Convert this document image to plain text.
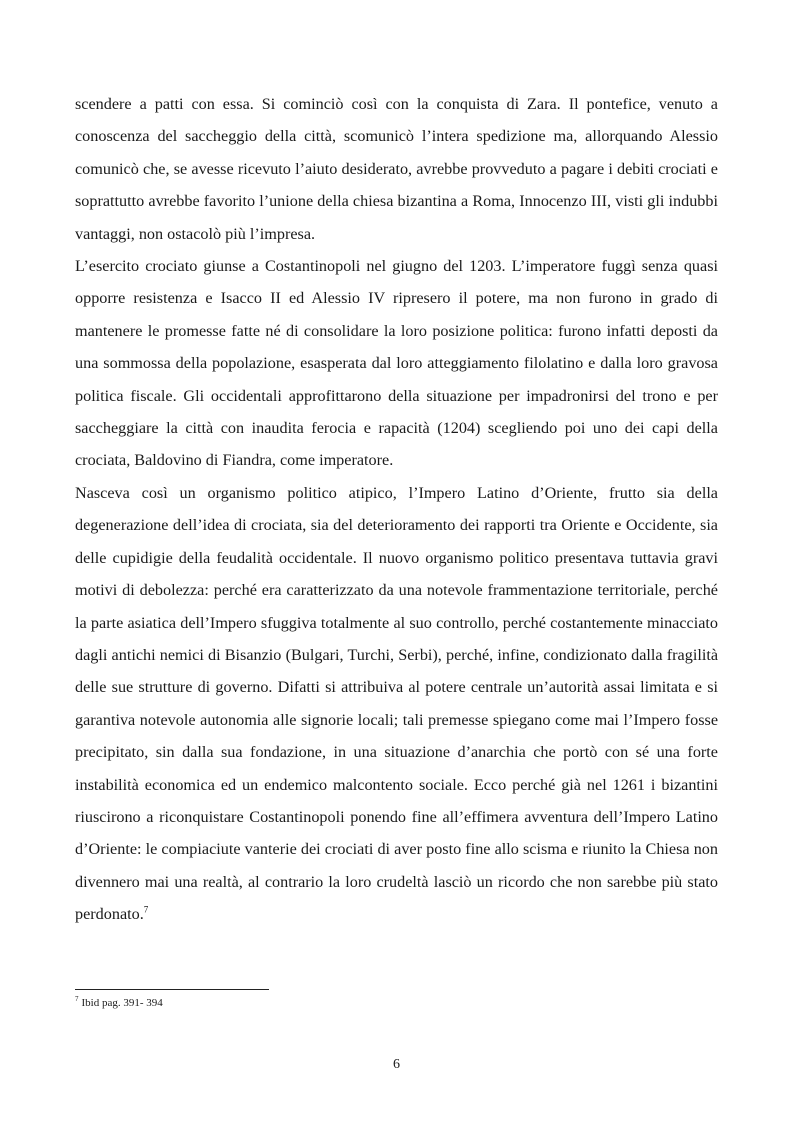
scendere a patti con essa. Si cominciò così con la conquista di Zara. Il pontefice, venuto a conoscenza del saccheggio della città, scomunicò l’intera spedizione ma, allorquando Alessio comunicò che, se avesse ricevuto l’aiuto desiderato, avrebbe provveduto a pagare i debiti crociati e soprattutto avrebbe favorito l’unione della chiesa bizantina a Roma, Innocenzo III, visti gli indubbi vantaggi, non ostacolò più l’impresa.

L’esercito crociato giunse a Costantinopoli nel giugno del 1203. L’imperatore fuggì senza quasi opporre resistenza e Isacco II ed Alessio IV ripresero il potere, ma non furono in grado di mantenere le promesse fatte né di consolidare la loro posizione politica: furono infatti deposti da una sommossa della popolazione, esasperata dal loro atteggiamento filolatino e dalla loro gravosa politica fiscale. Gli occidentali approfittarono della situazione per impadronirsi del trono e per saccheggiare la città con inaudita ferocia e rapacità (1204) scegliendo poi uno dei capi della crociata, Baldovino di Fiandra, come imperatore.

Nasceva così un organismo politico atipico, l’Impero Latino d’Oriente, frutto sia della degenerazione dell’idea di crociata, sia del deterioramento dei rapporti tra Oriente e Occidente, sia delle cupidigie della feudalità occidentale. Il nuovo organismo politico presentava tuttavia gravi motivi di debolezza: perché era caratterizzato da una notevole frammentazione territoriale, perché la parte asiatica dell’Impero sfuggiva totalmente al suo controllo, perché costantemente minacciato dagli antichi nemici di Bisanzio (Bulgari, Turchi, Serbi), perché, infine, condizionato dalla fragilità delle sue strutture di governo. Difatti si attribuiva al potere centrale un’autorità assai limitata e si garantiva notevole autonomia alle signorie locali; tali premesse spiegano come mai l’Impero fosse precipitato, sin dalla sua fondazione, in una situazione d’anarchia che portò con sé una forte instabilità economica ed un endemico malcontento sociale. Ecco perché già nel 1261 i bizantini riuscirono a riconquistare Costantinopoli ponendo fine all’effimera avventura dell’Impero Latino d’Oriente: le compiaciute vanterie dei crociati di aver posto fine allo scisma e riunito la Chiesa non divennero mai una realtà, al contrario la loro crudeltà lasciò un ricordo che non sarebbe più stato perdonato.$^7$

$^7$ Ibid pag. 391- 394
6
